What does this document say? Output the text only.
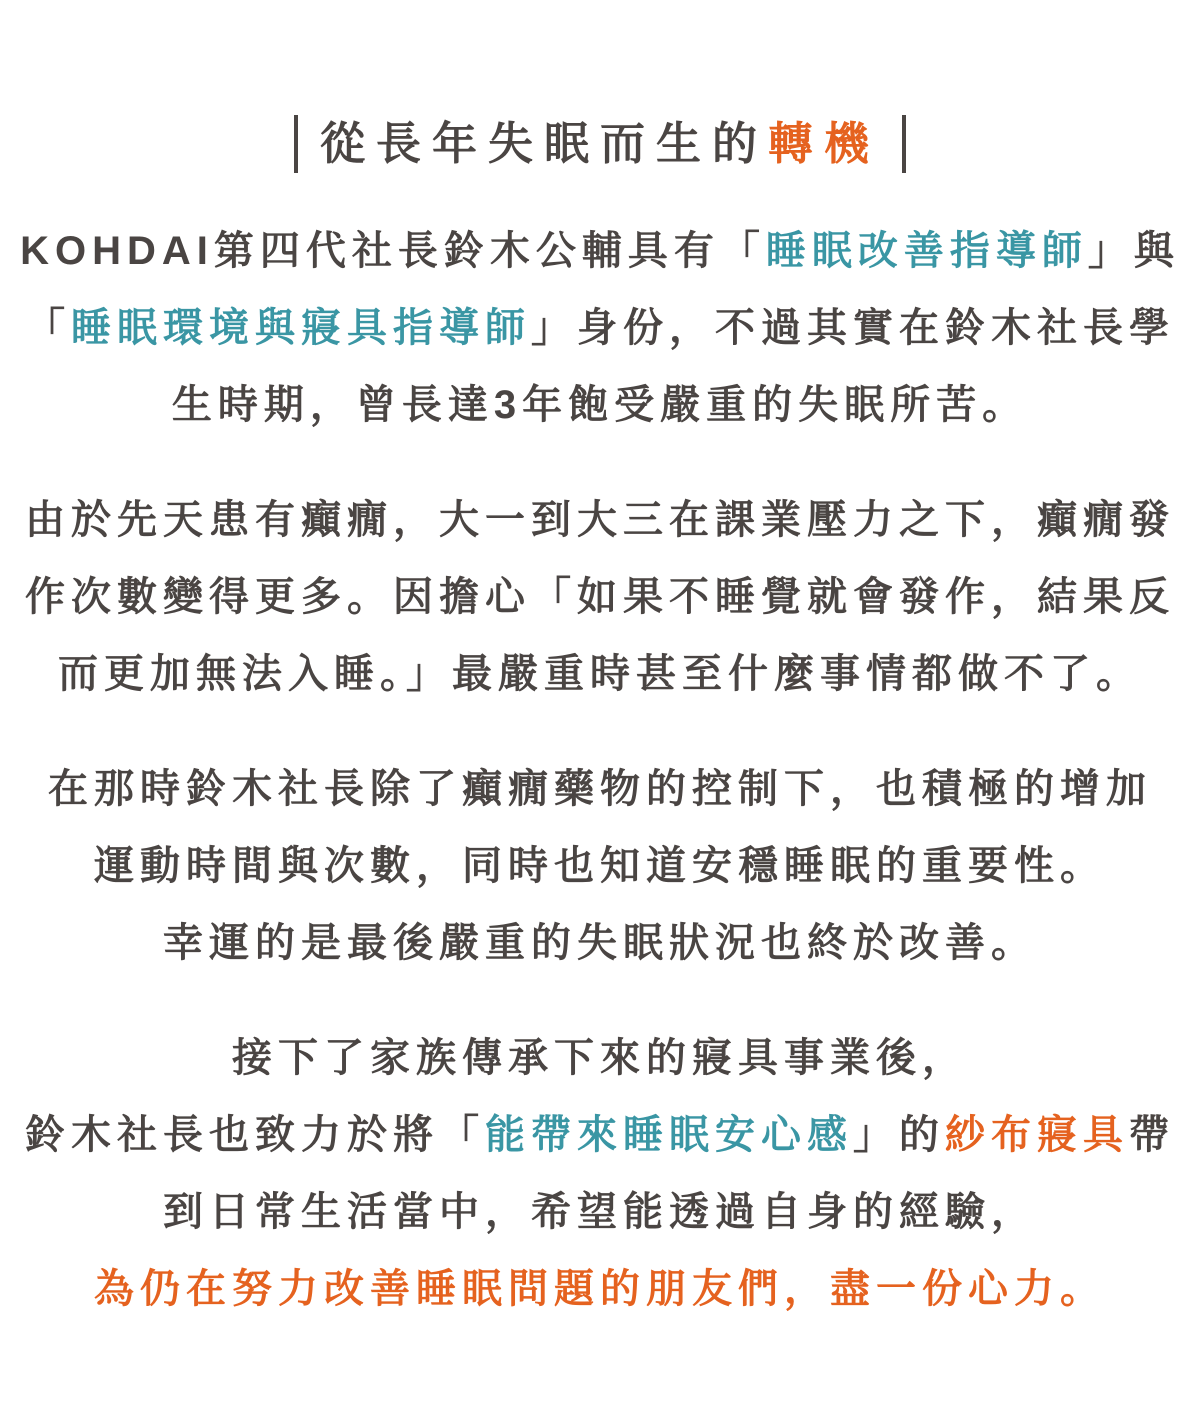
從長年失眠而生的轉機
KOHDAI第四代社長鈴木公輔具有「睡眠改善指導師」與
「睡眠環境與寢具指導師」身份，不過其實在鈴木社長學
生時期，曾長達3年飽受嚴重的失眠所苦。
由於先天患有癲癇，大一到大三在課業壓力之下，癲癇發
作次數變得更多。因擔心「如果不睡覺就會發作，結果反
而更加無法入睡。」最嚴重時甚至什麼事情都做不了。
在那時鈴木社長除了癲癇藥物的控制下，也積極的增加
運動時間與次數，同時也知道安穩睡眠的重要性。
幸運的是最後嚴重的失眠狀況也終於改善。
接下了家族傳承下來的寢具事業後，
鈴木社長也致力於將「能帶來睡眠安心感」的紗布寢具帶
到日常生活當中，希望能透過自身的經驗，
為仍在努力改善睡眠問題的朋友們，盡一份心力。
